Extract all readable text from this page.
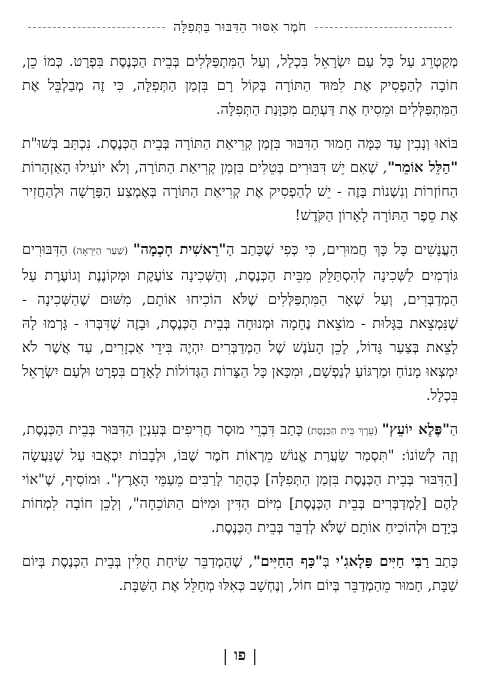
חֹמֶר אִסּוּר הַדִּבּוּר בַּתְּפִלָּה

מְקַטְרֵג עַל כָּל עַם יִשְׂרָאֵל בִּכְלָל, וְעַל הַמִּתְפַּלְּלִים בְּבֵית הַכְּנֶסֶת בִּפְרָט. כְּמוֹ כֵן, חוֹבָה לְהַפְסִיק אֶת לִמּוּד הַתּוֹרָה בְּקוֹל רָם בִּזְמַן הַתְּפִלָּה, כִּי זֶה מְבַלְבֵּל אֶת הַמִּתְפַּלְּלִים וּמֵסִיחַ אֶת דַּעְתָּם מִכַּוָּנַת הַתְּפִלָּה.

בּוֹאוּ וְנָבִין עַד כַּמָּה חָמוּר הַדִּבּוּר בִּזְמַן קְרִיאַת הַתּוֹרָה בְּבֵית הַכְּנֶסֶת. נִכְתַּב בְּשׁוּ"ת "הַלֵּל אוֹמֵר", שֶׁאִם יֵשׁ דִּבּוּרִים בְּטֵלִים בִּזְמַן קְרִיאַת הַתּוֹרָה, וְלֹא יוֹעִילוּ הָאַזְהָרוֹת הַחוֹזְרוֹת וְנִשְׁנוֹת בָּזֶה - יֵשׁ לְהַפְסִיק אֶת קְרִיאַת הַתּוֹרָה בְּאֶמְצַע הַפָּרָשָׁה וּלְהַחֲזִיר אֶת סֵפֶר הַתּוֹרָה לָאָרוֹן הַקֹּדֶשׁ!

הָעֳנָשִׁים כָּל כָּךְ חֲמוּרִים, כִּי כְּפִי שֶׁכָּתַב הָ"רֵאשִׁית חָכְמָה" (שַׁעַר הַיִּרְאָה) הַדִּבּוּרִים גּוֹרְמִים לַשְּׁכִינָה לְהִסְתַּלֵּק מִבֵּית הַכְּנֶסֶת, וְהַשְּׁכִינָה צוֹעֶקֶת וּמְקוֹנֶנֶת וְגוֹעֶרֶת עַל הַמְדַבְּרִים, וְעַל שְׁאָר הַמִּתְפַּלְּלִים שֶׁלֹּא הוֹכִיחוּ אוֹתָם, מִשּׁוּם שֶׁהַשְּׁכִינָה - שֶׁנִּמְצֵאת בַּגָּלוּת - מוֹצֵאת נֶחָמָה וּמְנוּחָה בְּבֵית הַכְּנֶסֶת, וּבָזֶה שֶׁדִּבְּרוּ - גָּרְמוּ לָהּ לָצֵאת בְּצַעַר גָּדוֹל, לָכֵן הָעֹנֶשׁ שֶׁל הַמְדַבְּרִים יִהְיֶה בִּידֵי אַכְזָרִים, עַד אֲשֶׁר לֹא יִמְצְאוּ מָנוֹחַ וּמַרְגּוֹעַ לְנַפְשָׁם, וּמִכָּאן כָּל הַצָּרוֹת הַגְּדוֹלוֹת לָאָדָם בִּפְרָט וּלְעַם יִשְׂרָאֵל בִּכְלָל.

הַ"פֶּלֶא יוֹעֵץ" (עֵרֶךְ בֵּית הַכְּנֶסֶת) כָּתַב דִּבְרֵי מוּסָר חֲרִיפִים בְּעִנְיַן הַדִּבּוּר בְּבֵית הַכְּנֶסֶת, וְזֶה לְשׁוֹנוֹ: "תִּסְמַר שַׂעֲרַת אֱנוֹשׁ מֵרְאוֹת חֹמֶר שֶׁבּוֹ, וּלְבָבוֹת יִכְאֲבוּ עַל שֶׁנַּעֲשָׂה [הַדִּבּוּר בְּבֵית הַכְּנֶסֶת בִּזְמַן הַתְּפִלָּה] כְּהֶתֵּר לָרַבִּים מֵעַמֵּי הָאָרֶץ". וּמוֹסִיף, שֶׁ"אוֹי לָהֶם [לַמְדַבְּרִים בְּבֵית הַכְּנֶסֶת] מִיּוֹם הַדִּין וּמִיּוֹם הַתּוֹכֵחָה", וְלָכֵן חוֹבָה לִמְחוֹת בְּיָדָם וּלְהוֹכִיחַ אוֹתָם שֶׁלֹּא לְדַבֵּר בְּבֵית הַכְּנֶסֶת.

כָּתַב רַבִּי חַיִּים פַּלָאגִ'י בְּ"כַּף הַחַיִּים", שֶׁהַמְדַבֵּר שִׂיחַת חֻלִּין בְּבֵית הַכְּנֶסֶת בְּיוֹם שַׁבָּת, חָמוּר מֵהַמְדַבֵּר בְּיוֹם חוֹל, וְנֶחְשָׁב כְּאִלּוּ מְחַלֵּל אֶת הַשַּׁבָּת.

|
פו
|
